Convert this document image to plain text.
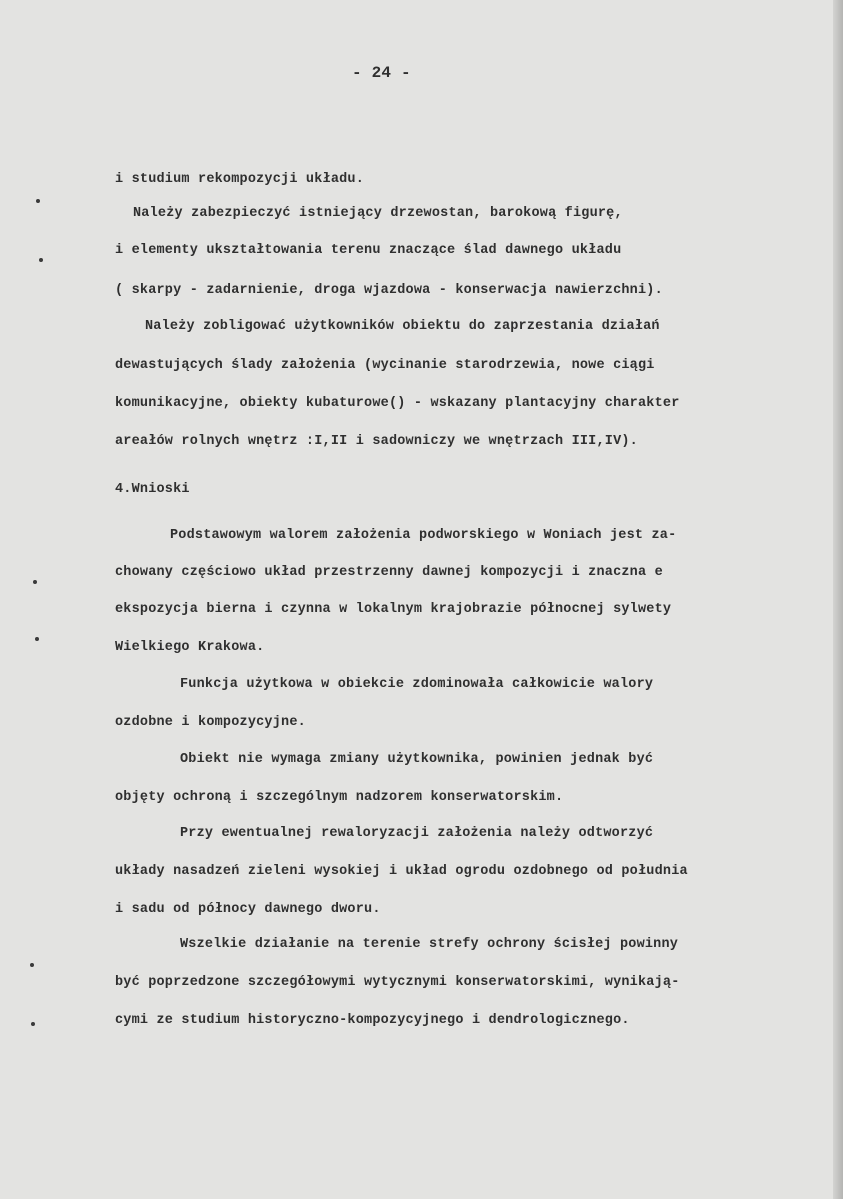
- 24 -
i studium rekompozycji układu.
Należy zabezpieczyć istniejący drzewostan, barokową figurę,
i elementy ukształtowania terenu znaczące ślad dawnego układu
( skarpy - zadarnienie, droga wjazdowa - konserwacja nawierzchni).
Należy zobligować użytkowników obiektu do zaprzestania działań
dewastujących ślady założenia (wycinanie starodrzewia, nowe ciągi
komunikacyjne, obiekty kubaturowe() - wskazany plantacyjny charakter
areałów rolnych wnętrz :I,II i sadowniczy we wnętrzach III,IV).
4.Wnioski
Podstawowym walorem założenia podworskiego w Woniach jest za-
chowany częściowo układ przestrzenny dawnej kompozycji i znaczna e
ekspozycja bierna i czynna w lokalnym krajobrazie północnej sylwety
Wielkiego Krakowa.
Funkcja użytkowa w obiekcie zdominowała całkowicie walory
ozdobne i kompozycyjne.
Obiekt nie wymaga zmiany użytkownika, powinien jednak być
objęty ochroną i szczególnym nadzorem konserwatorskim.
Przy ewentualnej rewaloryzacji założenia należy odtworzyć
układy nasadzeń zieleni wysokiej i układ ogrodu ozdobnego od południa
i sadu od północy dawnego dworu.
Wszelkie działanie na terenie strefy ochrony ścisłej powinny
być poprzedzone szczegółowymi wytycznymi konserwatorskimi, wynikają-
cymi ze studium historyczno-kompozycyjnego i dendrologicznego.
